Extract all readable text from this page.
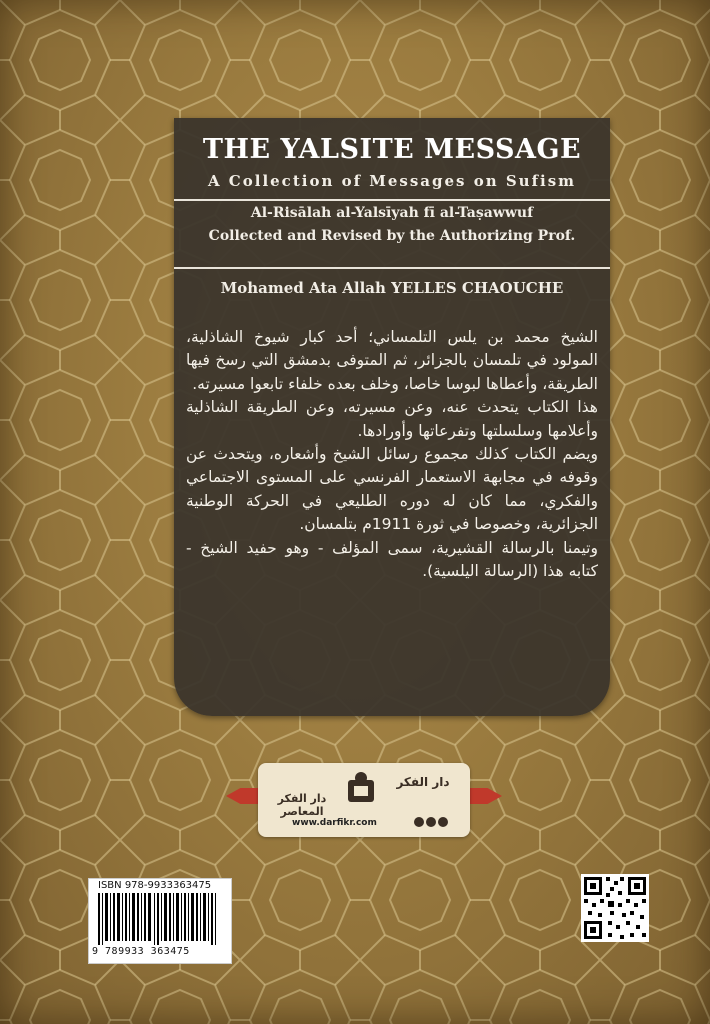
THE YALSITE MESSAGE
A Collection of Messages on Sufism
Al-Risālah al-Yalsīyah fī al-Taṣawwuf
Collected and Revised by the Authorizing Prof.
Mohamed Ata Allah YELLES CHAOUCHE

الشيخ محمد بن يلس التلمساني؛ أحد كبار شيوخ الشاذلية، المولود في تلمسان بالجزائر، ثم المتوفى بدمشق التي رسخ فيها الطريقة، وأعطاها لبوسا خاصا، وخلف بعده خلفاء تابعوا مسيرته.

هذا الكتاب يتحدث عنه، وعن مسيرته، وعن الطريقة الشاذلية وأعلامها وسلسلتها وتفرعاتها وأورادها.

ويضم الكتاب كذلك مجموع رسائل الشيخ وأشعاره، ويتحدث عن وقوفه في مجابهة الاستعمار الفرنسي على المستوى الاجتماعي والفكري، مما كان له دوره الطليعي في الحركة الوطنية الجزائرية، وخصوصا في ثورة 1911م بتلمسان.

وتيمنا بالرسالة القشيرية، سمى المؤلف - وهو حفيد الشيخ - كتابه هذا (الرسالة اليلسية).

دار الفكر
دار الفكر المعاصر
www.darfikr.com
ISBN 978-9933363475
9 789933 363475
